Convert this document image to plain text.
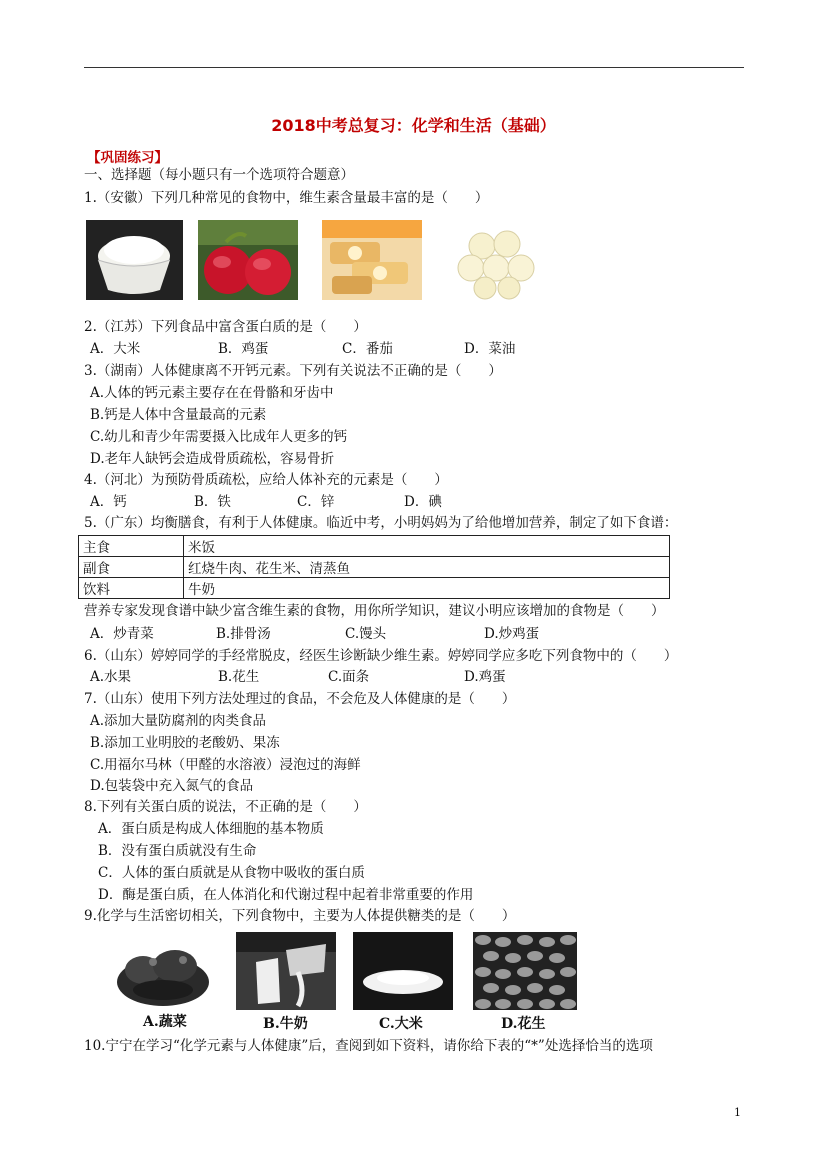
2018中考总复习：化学和生活（基础）
【巩固练习】
一、选择题（每小题只有一个选项符合题意）
1.（安徽）下列几种常见的食物中，维生素含量最丰富的是（　　）
2.（江苏）下列食品中富含蛋白质的是（　　）
A．大米	B．鸡蛋	C．番茄	D．菜油
3.（湖南）人体健康离不开钙元素。下列有关说法不正确的是（　　）
A.人体的钙元素主要存在在骨骼和牙齿中
B.钙是人体中含量最高的元素
C.幼儿和青少年需要摄入比成年人更多的钙
D.老年人缺钙会造成骨质疏松，容易骨折
4.（河北）为预防骨质疏松，应给人体补充的元素是（　　）
A．钙	B．铁	C．锌	D．碘
5.（广东）均衡膳食，有利于人体健康。临近中考，小明妈妈为了给他增加营养，制定了如下食谱：
主食	米饭
副食	红烧牛肉、花生米、清蒸鱼
饮料	牛奶
营养专家发现食谱中缺少富含维生素的食物，用你所学知识，建议小明应该增加的食物是（　　）
A．炒青菜	B.排骨汤	C.馒头	D.炒鸡蛋
6.（山东）婷婷同学的手经常脱皮，经医生诊断缺少维生素。婷婷同学应多吃下列食物中的（　　）
A.水果	B.花生	C.面条	D.鸡蛋
7.（山东）使用下列方法处理过的食品，不会危及人体健康的是（　　）
A.添加大量防腐剂的肉类食品
B.添加工业明胶的老酸奶、果冻
C.用福尔马林（甲醛的水溶液）浸泡过的海鲜
D.包装袋中充入氮气的食品
8.下列有关蛋白质的说法，不正确的是（　　）
A．蛋白质是构成人体细胞的基本物质
B．没有蛋白质就没有生命
C．人体的蛋白质就是从食物中吸收的蛋白质
D．酶是蛋白质，在人体消化和代谢过程中起着非常重要的作用
9.化学与生活密切相关，下列食物中，主要为人体提供糖类的是（　　）
A.蔬菜	B.牛奶	C.大米	D.花生
10.宁宁在学习“化学元素与人体健康”后，查阅到如下资料，请你给下表的“*”处选择恰当的选项
1
